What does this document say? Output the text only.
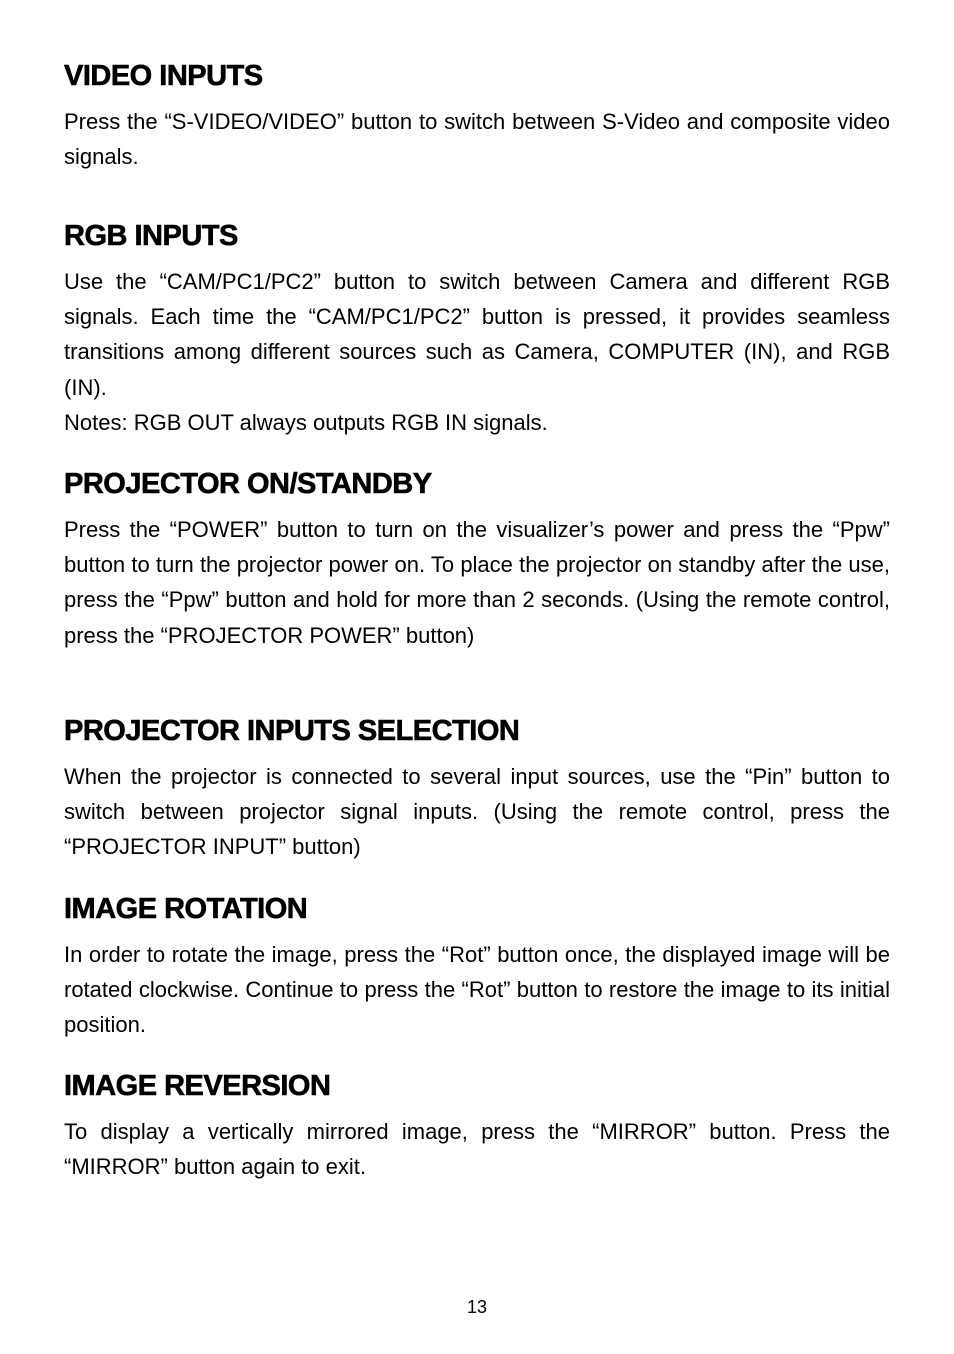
VIDEO INPUTS

Press the “S-VIDEO/VIDEO” button to switch between S-Video and composite video signals.

RGB INPUTS

Use the “CAM/PC1/PC2” button to switch between Camera and different RGB signals. Each time the “CAM/PC1/PC2” button is pressed, it provides seamless transitions among different sources such as Camera, COMPUTER (IN), and RGB (IN).

Notes: RGB OUT always outputs RGB IN signals.

PROJECTOR ON/STANDBY

Press the “POWER” button to turn on the visualizer’s power and press the “Ppw” button to turn the projector power on. To place the projector on standby after the use, press the “Ppw” button and hold for more than 2 seconds. (Using the remote control, press the “PROJECTOR POWER” button)

PROJECTOR INPUTS SELECTION

When the projector is connected to several input sources, use the “Pin” button to switch between projector signal inputs. (Using the remote control, press the “PROJECTOR INPUT” button)

IMAGE ROTATION

In order to rotate the image, press the “Rot” button once, the displayed image will be rotated clockwise. Continue to press the “Rot” button to restore the image to its initial position.

IMAGE REVERSION

To display a vertically mirrored image, press the “MIRROR” button. Press the “MIRROR” button again to exit.

13
